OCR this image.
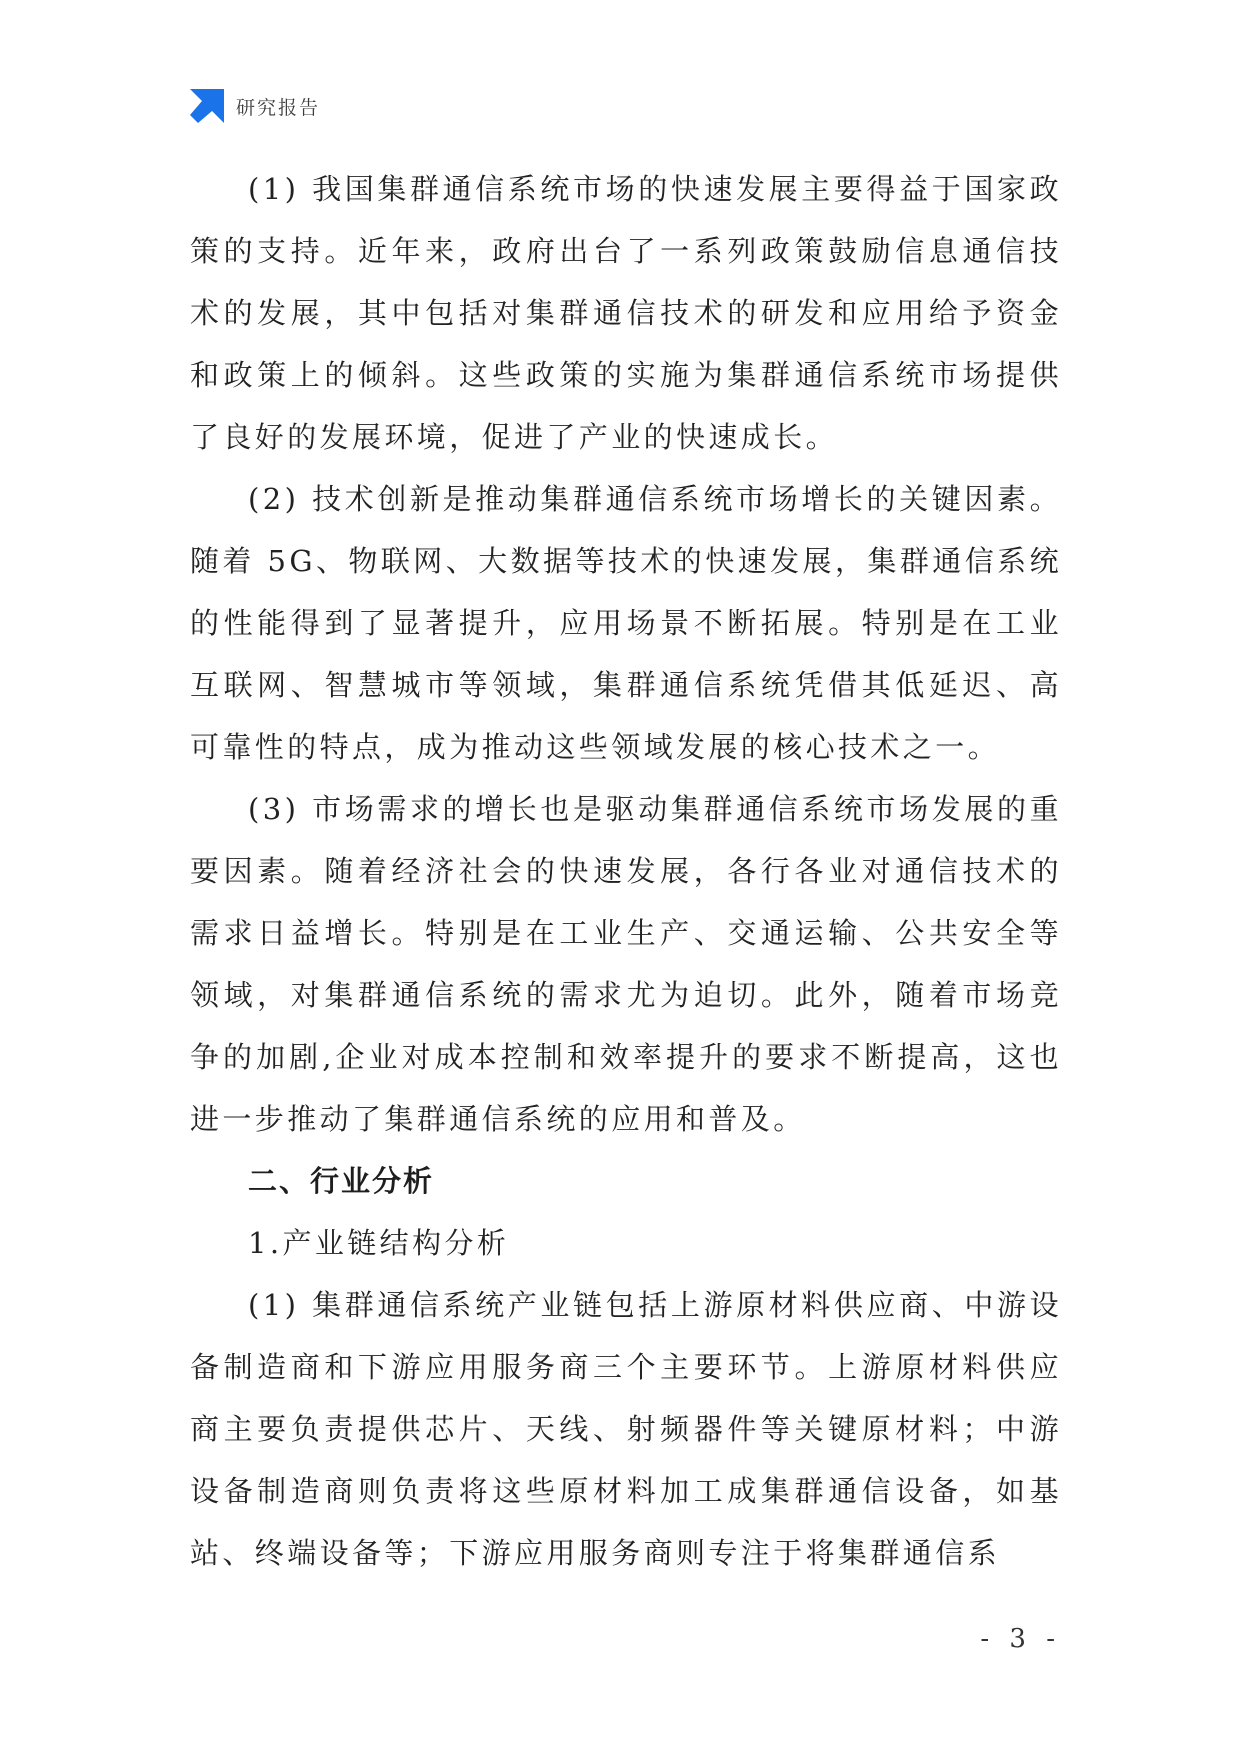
研究报告

(1) 我国集群通信系统市场的快速发展主要得益于国家政策的支持。近年来，政府出台了一系列政策鼓励信息通信技术的发展，其中包括对集群通信技术的研发和应用给予资金和政策上的倾斜。这些政策的实施为集群通信系统市场提供了良好的发展环境，促进了产业的快速成长。

(2) 技术创新是推动集群通信系统市场增长的关键因素。随着 5G、物联网、大数据等技术的快速发展，集群通信系统的性能得到了显著提升，应用场景不断拓展。特别是在工业互联网、智慧城市等领域，集群通信系统凭借其低延迟、高可靠性的特点，成为推动这些领域发展的核心技术之一。

(3) 市场需求的增长也是驱动集群通信系统市场发展的重要因素。随着经济社会的快速发展，各行各业对通信技术的需求日益增长。特别是在工业生产、交通运输、公共安全等领域，对集群通信系统的需求尤为迫切。此外，随着市场竞争的加剧,企业对成本控制和效率提升的要求不断提高，这也进一步推动了集群通信系统的应用和普及。

二、行业分析

1.产业链结构分析

(1) 集群通信系统产业链包括上游原材料供应商、中游设备制造商和下游应用服务商三个主要环节。上游原材料供应商主要负责提供芯片、天线、射频器件等关键原材料；中游设备制造商则负责将这些原材料加工成集群通信设备，如基站、终端设备等；下游应用服务商则专注于将集群通信系

- 3 -
